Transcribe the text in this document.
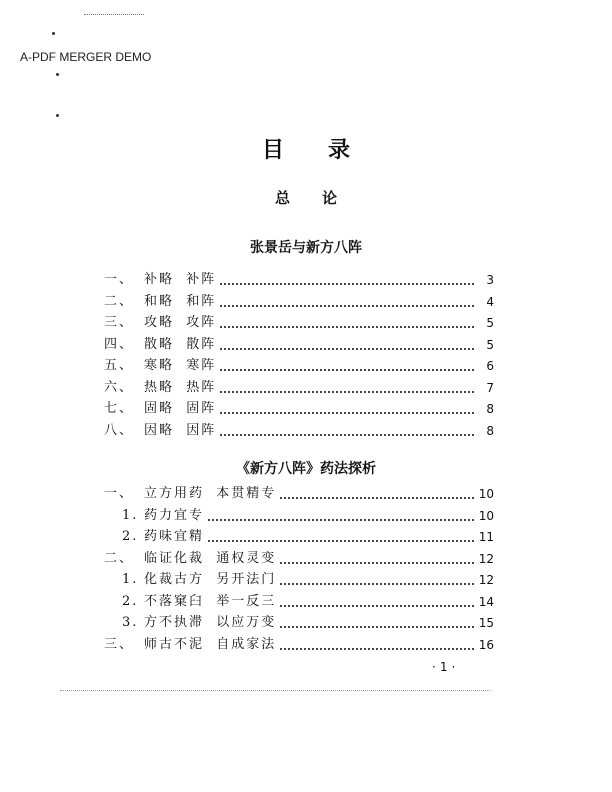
A-PDF MERGER DEMO
目录
总论
张景岳与新方八阵
《新方八阵》药法探析
一、 补略  补阵	3
二、 和略  和阵	4
三、 攻略  攻阵	5
四、 散略  散阵	5
五、 寒略  寒阵	6
六、 热略  热阵	7
七、 固略  固阵	8
八、 因略  因阵	8
一、 立方用药  本贯精专	10
1. 药力宜专	10
2. 药味宜精	11
二、 临证化裁  通权灵变	12
1. 化裁古方  另开法门	12
2. 不落窠臼  举一反三	14
3. 方不执滞  以应万变	15
三、 师古不泥  自成家法	16
·1·
